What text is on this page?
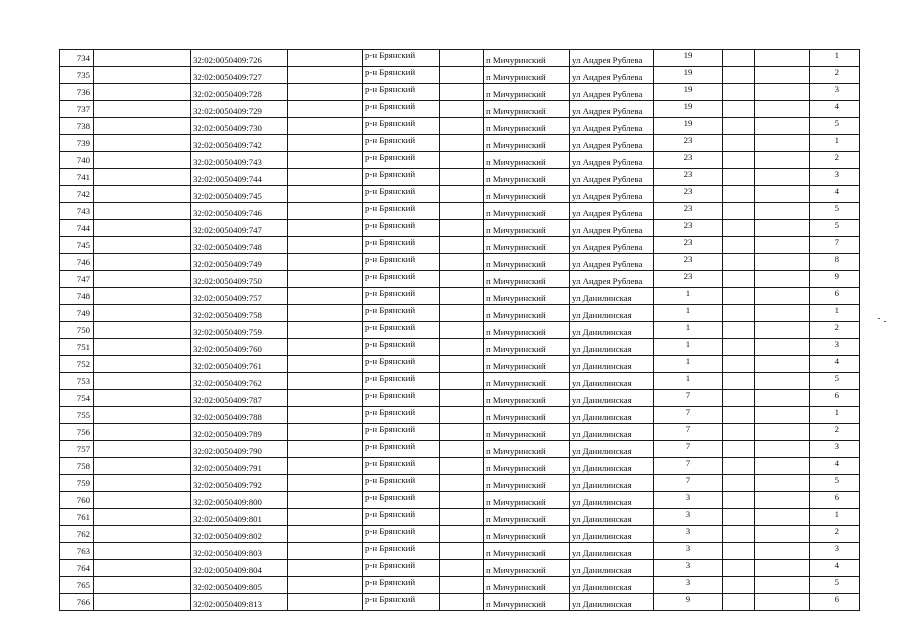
734		32:02:0050409:726		р-н Брянский		п Мичуринский	ул Андрея Рублева	19			1
735		32:02:0050409:727		р-н Брянский		п Мичуринский	ул Андрея Рублева	19			2
736		32:02:0050409:728		р-н Брянский		п Мичуринский	ул Андрея Рублева	19			3
737		32:02:0050409:729		р-н Брянский		п Мичуринский	ул Андрея Рублева	19			4
738		32:02:0050409:730		р-н Брянский		п Мичуринский	ул Андрея Рублева	19			5
739		32:02:0050409:742		р-н Брянский		п Мичуринский	ул Андрея Рублева	23			1
740		32:02:0050409:743		р-н Брянский		п Мичуринский	ул Андрея Рублева	23			2
741		32:02:0050409:744		р-н Брянский		п Мичуринский	ул Андрея Рублева	23			3
742		32:02:0050409:745		р-н Брянский		п Мичуринский	ул Андрея Рублева	23			4
743		32:02:0050409:746		р-н Брянский		п Мичуринский	ул Андрея Рублева	23			5
744		32:02:0050409:747		р-н Брянский		п Мичуринский	ул Андрея Рублева	23			5
745		32:02:0050409:748		р-н Брянский		п Мичуринский	ул Андрея Рублева	23			7
746		32:02:0050409:749		р-н Брянский		п Мичуринский	ул Андрея Рублева	23			8
747		32:02:0050409:750		р-н Брянский		п Мичуринский	ул Андрея Рублева	23			9
748		32:02:0050409:757		р-н Брянский		п Мичуринский	ул Данилинская	1			6
749		32:02:0050409:758		р-н Брянский		п Мичуринский	ул Данилинская	1			1
750		32:02:0050409:759		р-н Брянский		п Мичуринский	ул Данилинская	1			2
751		32:02:0050409:760		р-н Брянский		п Мичуринский	ул Данилинская	1			3
752		32:02:0050409:761		р-н Брянский		п Мичуринский	ул Данилинская	1			4
753		32:02:0050409:762		р-н Брянский		п Мичуринский	ул Данилинская	1			5
754		32:02:0050409:787		р-н Брянский		п Мичуринский	ул Данилинская	7			6
755		32:02:0050409:788		р-н Брянский		п Мичуринский	ул Данилинская	7			1
756		32:02:0050409:789		р-н Брянский		п Мичуринский	ул Данилинская	7			2
757		32:02:0050409:790		р-н Брянский		п Мичуринский	ул Данилинская	7			3
758		32:02:0050409:791		р-н Брянский		п Мичуринский	ул Данилинская	7			4
759		32:02:0050409:792		р-н Брянский		п Мичуринский	ул Данилинская	7			5
760		32:02:0050409:800		р-н Брянский		п Мичуринский	ул Данилинская	3			6
761		32:02:0050409:801		р-н Брянский		п Мичуринский	ул Данилинская	3			1
762		32:02:0050409:802		р-н Брянский		п Мичуринский	ул Данилинская	3			2
763		32:02:0050409:803		р-н Брянский		п Мичуринский	ул Данилинская	3			3
764		32:02:0050409:804		р-н Брянский		п Мичуринский	ул Данилинская	3			4
765		32:02:0050409:805		р-н Брянский		п Мичуринский	ул Данилинская	3			5
766		32:02:0050409:813		р-н Брянский		п Мичуринский	ул Данилинская	9			6
